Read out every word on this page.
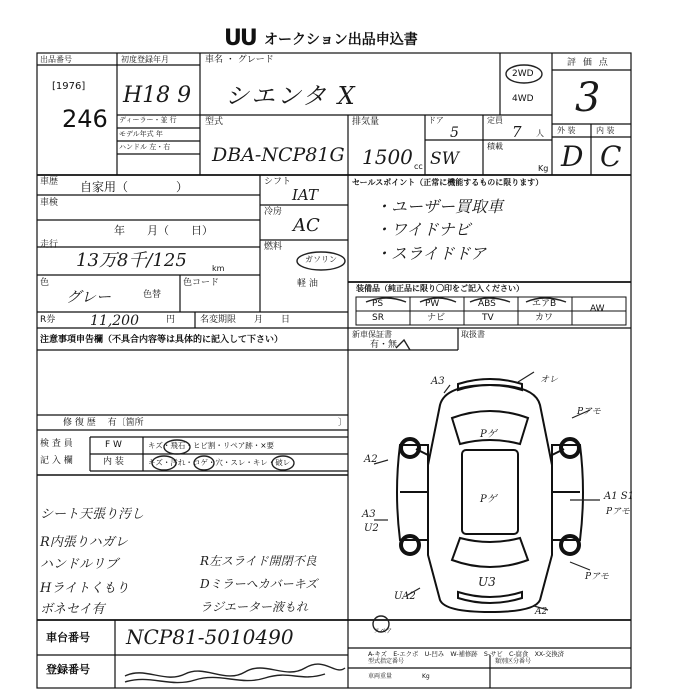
UU オークション出品申込書
出品番号
[1976]
246
初度登録年月
H18 9
ディーラー・並 行
モデル年式 年
ハンドル 左・右
車名 ・ グレード
シエンタ X
2WD
4WD
型式
DBA-NCP81G
排気量
1500 cc
ドア
5
SW
定員
7 人
積載
Kg
評 価 点
3
外 装	内 装
D C
車歴 自家用（　　　　）
車検
年　　月（　　日）
走行
13万8千/125	km
色
グレー	色替
色コード
R券 11,200	円	名変期限　　月　　日
シフト
IAT
冷房
AC
燃料
ガソリン
軽 油
セールスポイント（正常に機能するものに限ります）
・ユーザー買取車
・ワイドナビ
・スライドドア
装備品（純正品に限り〇印をご記入ください）
PS	PW	ABS	エアB	AW
SR	ナビ	TV	カワ
新車保証書
有・無
取扱書
注意事項申告欄（不具合内容等は具体的に記入して下さい）
修 復 歴　 有〔箇所	〕
検 査 員
記 入 欄
F W	キズ・飛石・ヒビ割・リペア跡・×要
内 装	キズ・汚れ・コゲ・穴・スレ・キレ・破レ
シート天張り汚し
R内張りハガレ
ハンドルリブ
Hライトくもり
ボネセイ有
R左スライド開閉不良
Dミラーへカバーキズ
ラジエーター液もれ
A3
A3
A2
A1 S1
U2
UA2
U3
Pアモ
Pアモ
Pアモ
Pゲ
Pゲ
A2
オレ
スペア
車台番号 NCP81-5010490
登録番号
A-キズ　E-エクボ　U-凹み　W-補修跡　S-サビ　C-腐食　XX-交換済
型式指定番号	類別区分番号
車両重量　　　　　Kg
